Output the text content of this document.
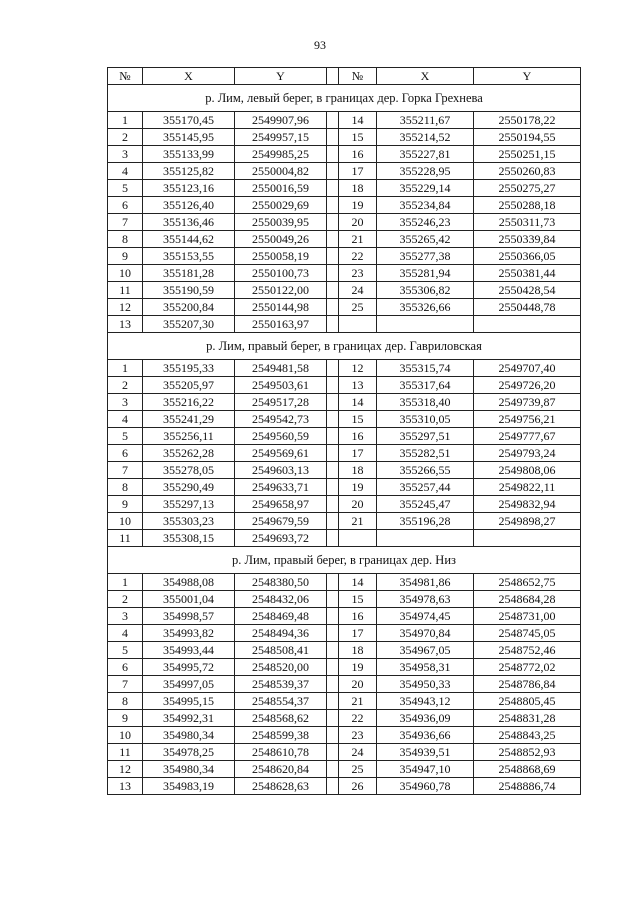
93
№	X	Y		№	X	Y
р. Лим, левый берег, в границах дер. Горка Грехнева						
1	355170,45	2549907,96		14	355211,67	2550178,22
2	355145,95	2549957,15		15	355214,52	2550194,55
3	355133,99	2549985,25		16	355227,81	2550251,15
4	355125,82	2550004,82		17	355228,95	2550260,83
5	355123,16	2550016,59		18	355229,14	2550275,27
6	355126,40	2550029,69		19	355234,84	2550288,18
7	355136,46	2550039,95		20	355246,23	2550311,73
8	355144,62	2550049,26		21	355265,42	2550339,84
9	355153,55	2550058,19		22	355277,38	2550366,05
10	355181,28	2550100,73		23	355281,94	2550381,44
11	355190,59	2550122,00		24	355306,82	2550428,54
12	355200,84	2550144,98		25	355326,66	2550448,78
13	355207,30	2550163,97				
р. Лим, правый берег, в границах дер. Гавриловская						
1	355195,33	2549481,58		12	355315,74	2549707,40
2	355205,97	2549503,61		13	355317,64	2549726,20
3	355216,22	2549517,28		14	355318,40	2549739,87
4	355241,29	2549542,73		15	355310,05	2549756,21
5	355256,11	2549560,59		16	355297,51	2549777,67
6	355262,28	2549569,61		17	355282,51	2549793,24
7	355278,05	2549603,13		18	355266,55	2549808,06
8	355290,49	2549633,71		19	355257,44	2549822,11
9	355297,13	2549658,97		20	355245,47	2549832,94
10	355303,23	2549679,59		21	355196,28	2549898,27
11	355308,15	2549693,72				
р. Лим, правый берег, в границах дер. Низ						
1	354988,08	2548380,50		14	354981,86	2548652,75
2	355001,04	2548432,06		15	354978,63	2548684,28
3	354998,57	2548469,48		16	354974,45	2548731,00
4	354993,82	2548494,36		17	354970,84	2548745,05
5	354993,44	2548508,41		18	354967,05	2548752,46
6	354995,72	2548520,00		19	354958,31	2548772,02
7	354997,05	2548539,37		20	354950,33	2548786,84
8	354995,15	2548554,37		21	354943,12	2548805,45
9	354992,31	2548568,62		22	354936,09	2548831,28
10	354980,34	2548599,38		23	354936,66	2548843,25
11	354978,25	2548610,78		24	354939,51	2548852,93
12	354980,34	2548620,84		25	354947,10	2548868,69
13	354983,19	2548628,63		26	354960,78	2548886,74
